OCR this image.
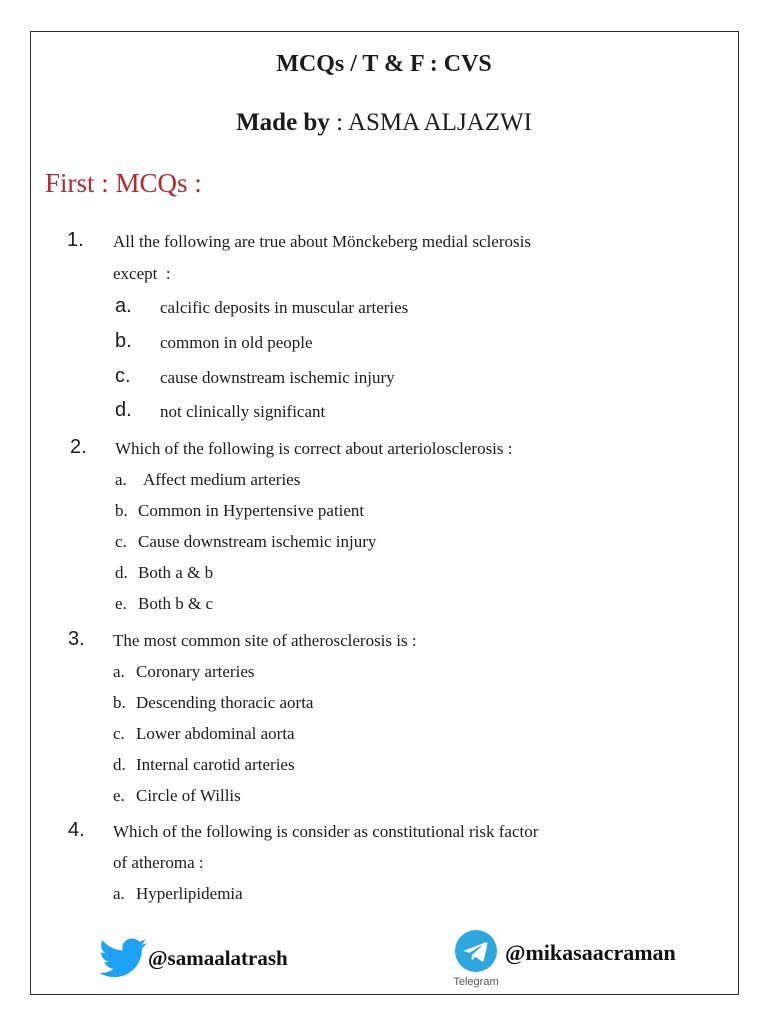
MCQs / T & F : CVS
Made by : ASMA ALJAZWI
First : MCQs :
1. All the following are true about Mönckeberg medial sclerosis
except  :
a. calcific deposits in muscular arteries
b. common in old people
c. cause downstream ischemic injury
d. not clinically significant
2. Which of the following is correct about arteriolosclerosis :
a. Affect medium arteries
b. Common in Hypertensive patient
c. Cause downstream ischemic injury
d. Both a & b
e. Both b & c
3. The most common site of atherosclerosis is :
a. Coronary arteries
b. Descending thoracic aorta
c. Lower abdominal aorta
d. Internal carotid arteries
e. Circle of Willis
4. Which of the following is consider as constitutional risk factor
of atheroma :
a. Hyperlipidemia
@samaalatrash
Telegram
@mikasaacraman
